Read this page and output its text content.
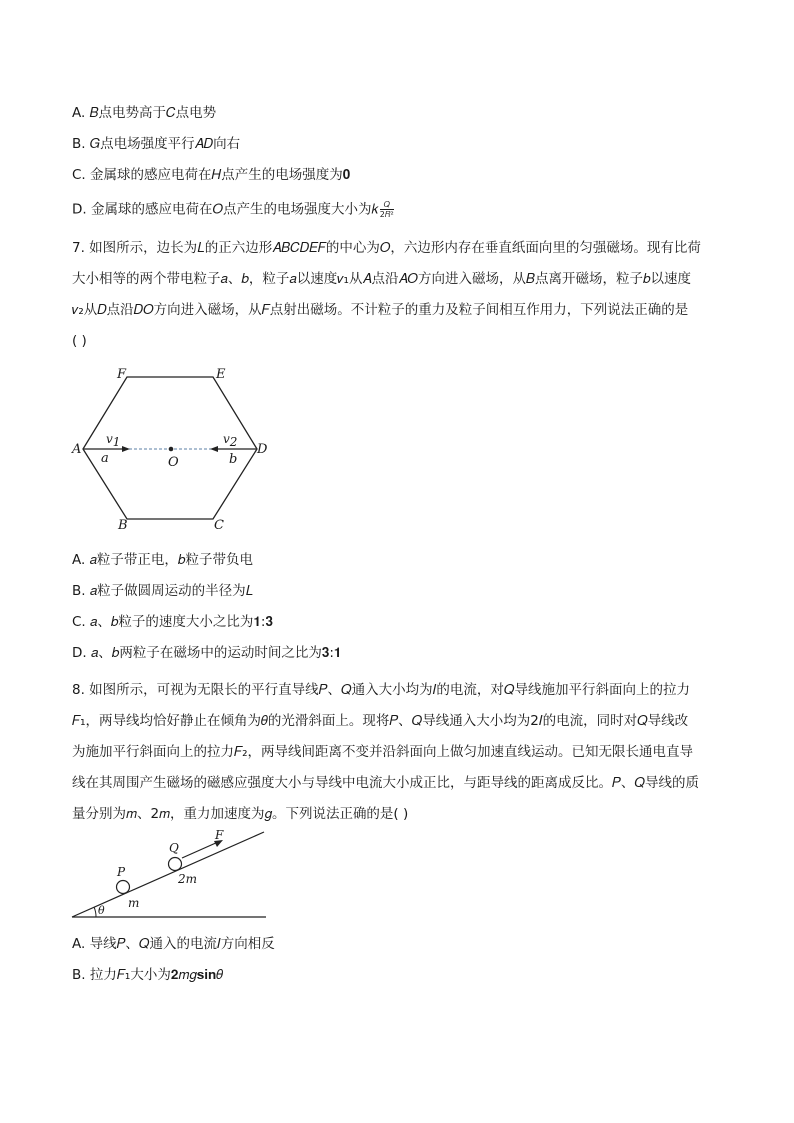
A. 𝐵点电势高于𝐶点电势
B. 𝐺点电场强度平行𝐴𝐷向右
C. 金属球的感应电荷在𝐻点产生的电场强度为𝟎
D. 金属球的感应电荷在𝑂点产生的电场强度大小为𝑘 𝑄
2𝑅²
7. 如图所示，边长为𝐿的正六边形𝐴𝐵𝐶𝐷𝐸𝐹的中心为𝑂，六边形内存在垂直纸面向里的匀强磁场。现有比荷
大小相等的两个带电粒子𝑎、𝑏，粒子𝑎以速度𝑣₁从𝐴点沿𝐴𝑂方向进入磁场，从𝐵点离开磁场，粒子𝑏以速度
𝑣₂从𝐷点沿𝐷𝑂方向进入磁场，从𝐹点射出磁场。不计粒子的重力及粒子间相互作用力，下列说法正确的是
( )
F	E
A	D
B	C
O
v1	v2
a	b
A. 𝑎粒子带正电，𝑏粒子带负电
B. 𝑎粒子做圆周运动的半径为𝐿
C. 𝑎、𝑏粒子的速度大小之比为𝟏:𝟑
D. 𝑎、𝑏两粒子在磁场中的运动时间之比为𝟑:𝟏
8. 如图所示，可视为无限长的平行直导线𝑃、𝑄通入大小均为𝐼的电流，对𝑄导线施加平行斜面向上的拉力
𝐹₁，两导线均恰好静止在倾角为𝜃的光滑斜面上。现将𝑃、𝑄导线通入大小均为2𝐼的电流，同时对𝑄导线改
为施加平行斜面向上的拉力𝐹₂，两导线间距离不变并沿斜面向上做匀加速直线运动。已知无限长通电直导
线在其周围产生磁场的磁感应强度大小与导线中电流大小成正比，与距导线的距离成反比。𝑃、𝑄导线的质
量分别为𝑚、2𝑚，重力加速度为𝑔。下列说法正确的是( )
P
Q
F
m
2m
θ
A. 导线𝑃、𝑄通入的电流𝐼方向相反
B. 拉力𝐹₁大小为𝟐𝑚𝑔𝐬𝐢𝐧𝜃
